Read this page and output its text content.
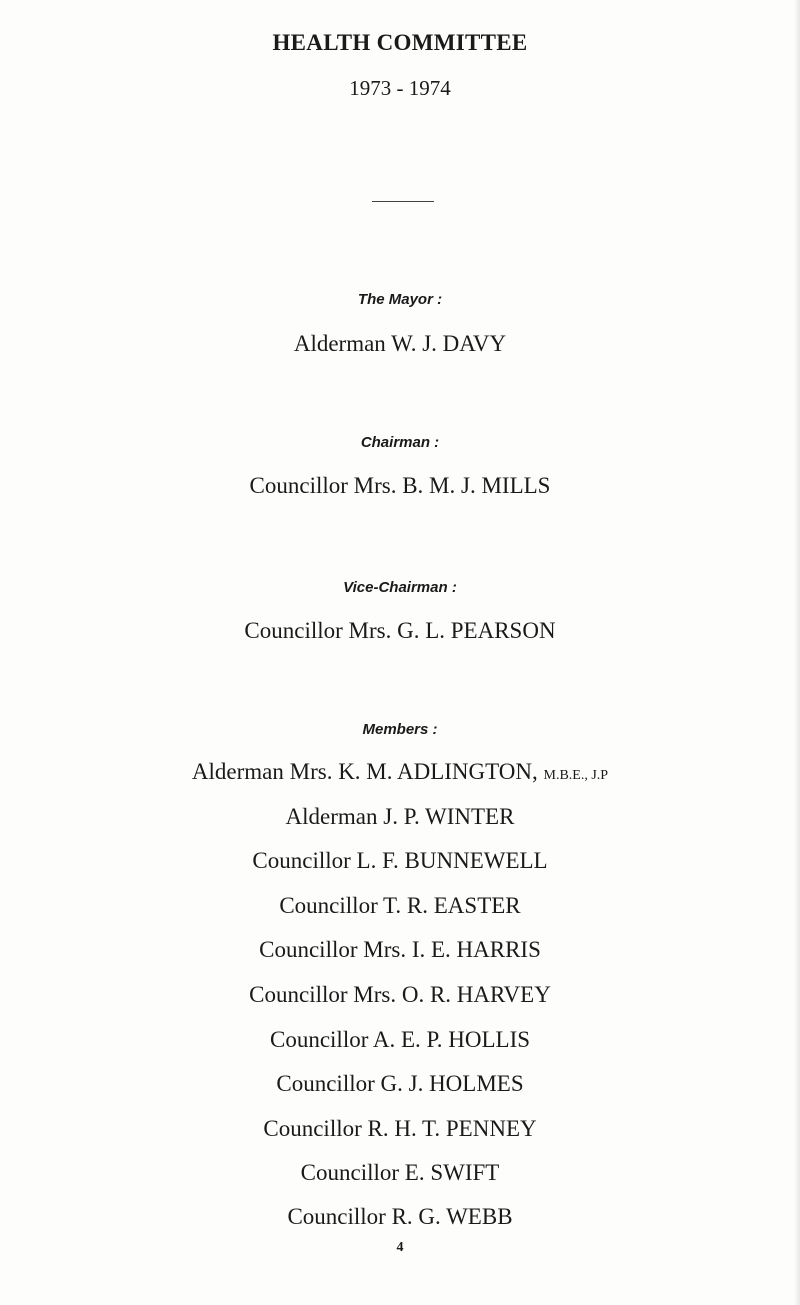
HEALTH COMMITTEE
1973 - 1974
The Mayor :
Alderman W. J. DAVY
Chairman :
Councillor Mrs. B. M. J. MILLS
Vice-Chairman :
Councillor Mrs. G. L. PEARSON
Members :
Alderman Mrs. K. M. ADLINGTON, M.B.E., J.P
Alderman J. P. WINTER
Councillor L. F. BUNNEWELL
Councillor T. R. EASTER
Councillor Mrs. I. E. HARRIS
Councillor Mrs. O. R. HARVEY
Councillor A. E. P. HOLLIS
Councillor G. J. HOLMES
Councillor R. H. T. PENNEY
Councillor E. SWIFT
Councillor R. G. WEBB
4
